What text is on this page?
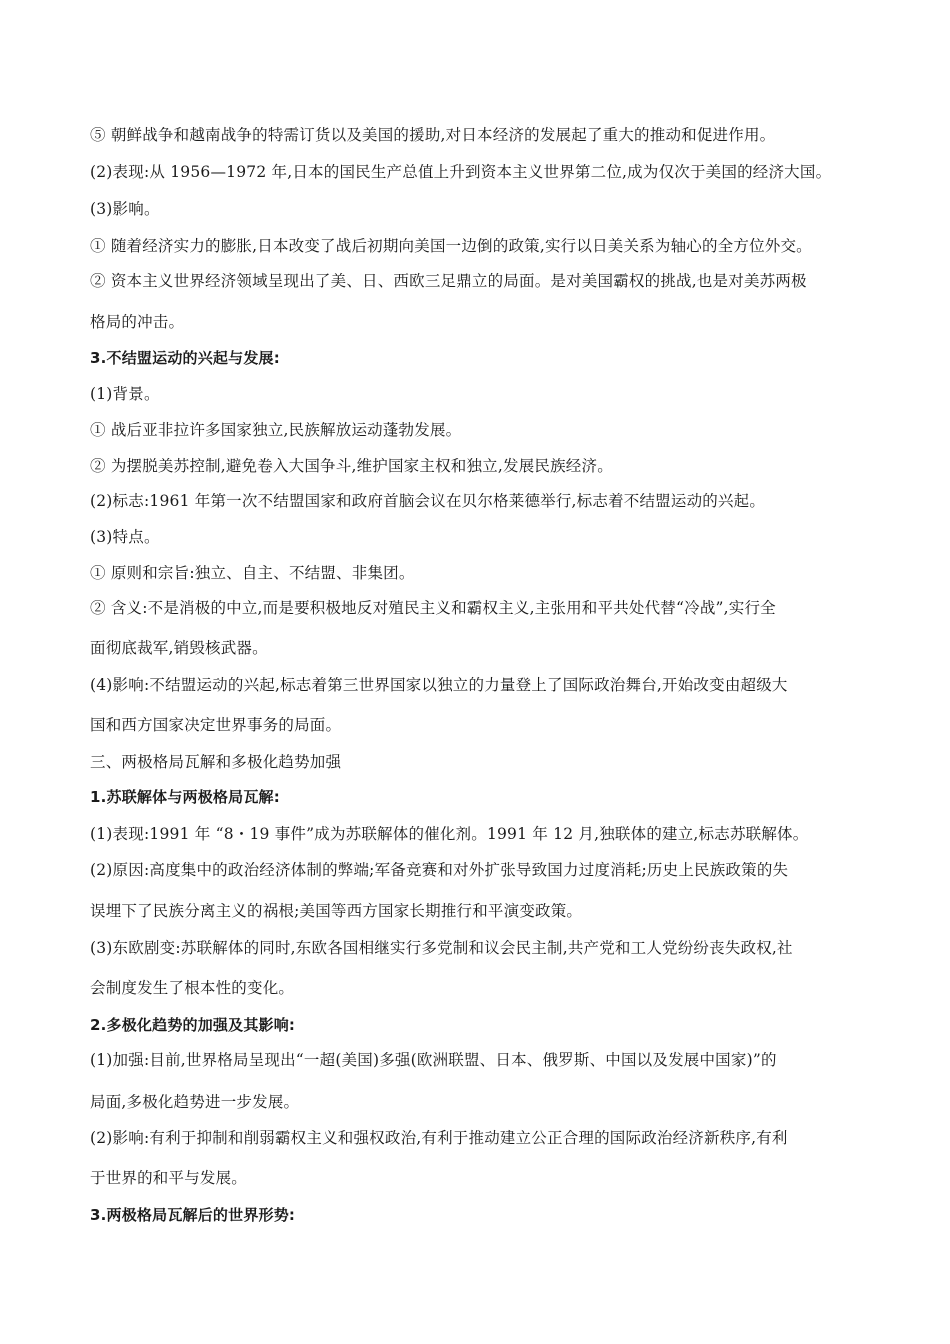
⑤ 朝鲜战争和越南战争的特需订货以及美国的援助,对日本经济的发展起了重大的推动和促进作用。
(2)表现:从 1956—1972 年,日本的国民生产总值上升到资本主义世界第二位,成为仅次于美国的经济大国。
(3)影响。
① 随着经济实力的膨胀,日本改变了战后初期向美国一边倒的政策,实行以日美关系为轴心的全方位外交。
② 资本主义世界经济领域呈现出了美、日、西欧三足鼎立的局面。是对美国霸权的挑战,也是对美苏两极
格局的冲击。
3.不结盟运动的兴起与发展:
(1)背景。
① 战后亚非拉许多国家独立,民族解放运动蓬勃发展。
② 为摆脱美苏控制,避免卷入大国争斗,维护国家主权和独立,发展民族经济。
(2)标志:1961 年第一次不结盟国家和政府首脑会议在贝尔格莱德举行,标志着不结盟运动的兴起。
(3)特点。
① 原则和宗旨:独立、自主、不结盟、非集团。
② 含义:不是消极的中立,而是要积极地反对殖民主义和霸权主义,主张用和平共处代替“冷战”,实行全
面彻底裁军,销毁核武器。
(4)影响:不结盟运动的兴起,标志着第三世界国家以独立的力量登上了国际政治舞台,开始改变由超级大
国和西方国家决定世界事务的局面。
三、两极格局瓦解和多极化趋势加强
1.苏联解体与两极格局瓦解:
(1)表现:1991 年 “8・19 事件”成为苏联解体的催化剂。1991 年 12 月,独联体的建立,标志苏联解体。
(2)原因:高度集中的政治经济体制的弊端;军备竞赛和对外扩张导致国力过度消耗;历史上民族政策的失
误埋下了民族分离主义的祸根;美国等西方国家长期推行和平演变政策。
(3)东欧剧变:苏联解体的同时,东欧各国相继实行多党制和议会民主制,共产党和工人党纷纷丧失政权,社
会制度发生了根本性的变化。
2.多极化趋势的加强及其影响:
(1)加强:目前,世界格局呈现出“一超(美国)多强(欧洲联盟、日本、俄罗斯、中国以及发展中国家)”的
局面,多极化趋势进一步发展。
(2)影响:有利于抑制和削弱霸权主义和强权政治,有利于推动建立公正合理的国际政治经济新秩序,有利
于世界的和平与发展。
3.两极格局瓦解后的世界形势:
